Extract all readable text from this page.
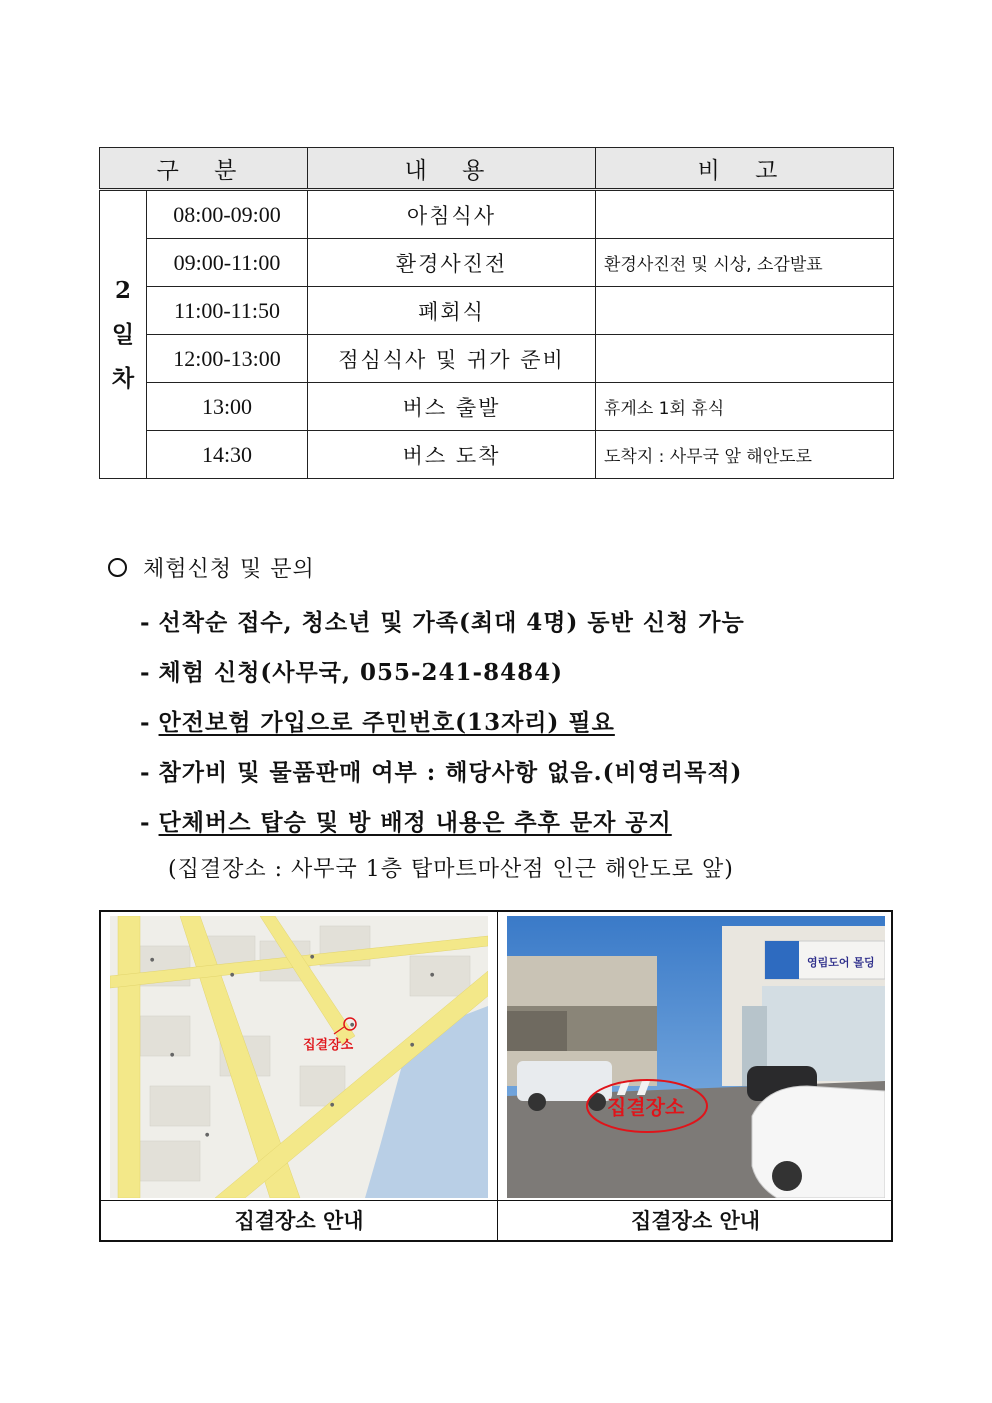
구 분		내 용	비 고
2
일
차	08:00-09:00	아침식사	
	09:00-11:00	환경사진전	환경사진전 및 시상, 소감발표
	11:00-11:50	폐회식	
	12:00-13:00	점심식사 및 귀가 준비	
	13:00	버스 출발	휴게소 1회 휴식
	14:30	버스 도착	도착지 : 사무국 앞 해안도로
체험신청 및 문의
- 선착순 접수, 청소년 및 가족(최대 4명) 동반 신청 가능
- 체험 신청(사무국, 055-241-8484)
- 안전보험 가입으로 주민번호(13자리) 필요
- 참가비 및 물품판매 여부 : 해당사항 없음.(비영리목적)
- 단체버스 탑승 및 방 배정 내용은 추후 문자 공지
(집결장소 : 사무국 1층 탑마트마산점 인근 해안도로 앞)
●
●
●
●
●
●
●
●
●
집결장소
영림도어 몰딩
집결장소
집결장소 안내	집결장소 안내
